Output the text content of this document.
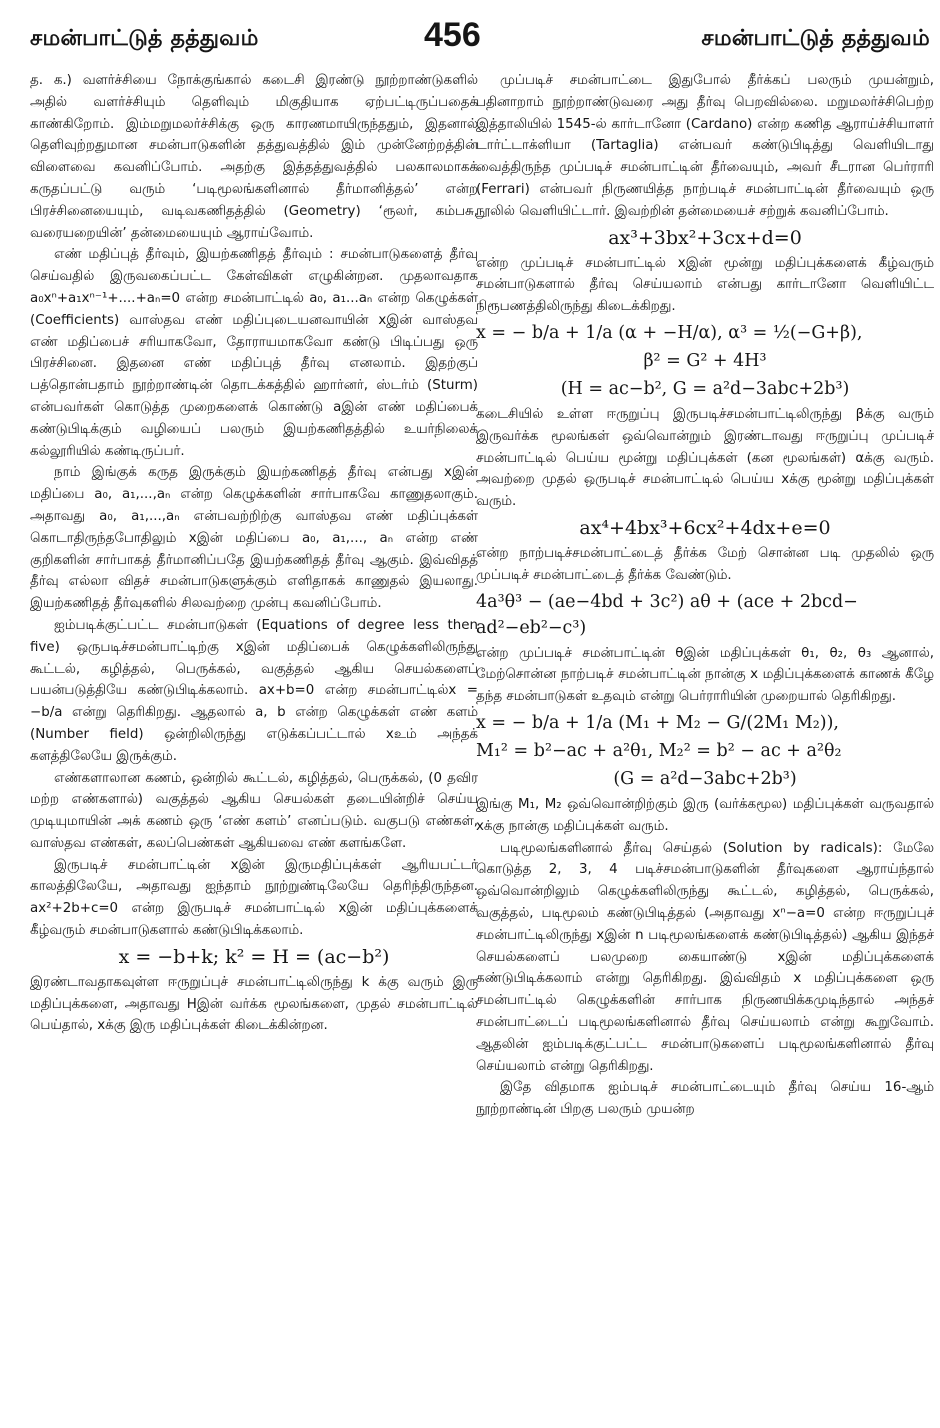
சமன்பாட்டுத் தத்துவம்	456	சமன்பாட்டுத் தத்துவம்

த. க.) வளர்ச்சியை நோக்குங்கால் கடைசி இரண்டு நூற்றாண்டுகளில் அதில் வளர்ச்சியும் தெளிவும் மிகுதியாக ஏற்பட்டிருப்பதைக் காண்கிறோம். இம்மறுமலர்ச்சிக்கு ஒரு காரணமாயிருந்ததும், இதனால் தெளிவுற்றதுமான சமன்பாடுகளின் தத்துவத்தில் இம் முன்னேற்றத்தின் விளைவை கவனிப்போம். அதற்கு இத்தத்துவத்தில் பலகாலமாகக் கருதப்பட்டு வரும் ‘படிமூலங்களினால் தீர்மானித்தல்’ என்ற பிரச்சினையையும், வடிவகணிதத்தில் (Geometry) ‘ரூலர், கம்பசு, வரையறையின்’ தன்மையையும் ஆராய்வோம்.

எண் மதிப்புத் தீர்வும், இயற்கணிதத் தீர்வும் : சமன்பாடுகளைத் தீர்வு செய்வதில் இருவகைப்பட்ட கேள்விகள் எழுகின்றன. முதலாவதாக a₀xⁿ+a₁xⁿ⁻¹+....+aₙ=0 என்ற சமன்பாட்டில் a₀, a₁...aₙ என்ற கெழுக்கள் (Coefficients) வாஸ்தவ எண் மதிப்புடையனவாயின் xஇன் வாஸ்தவ எண் மதிப்பைச் சரியாகவோ, தோராயமாகவோ கண்டு பிடிப்பது ஒரு பிரச்சினை. இதனை எண் மதிப்புத் தீர்வு எனலாம். இதற்குப் பத்தொன்பதாம் நூற்றாண்டின் தொடக்கத்தில் ஹார்னர், ஸ்டர்ம் (Sturm) என்பவர்கள் கொடுத்த முறைகளைக் கொண்டு aஇன் எண் மதிப்பைக் கண்டுபிடிக்கும் வழியைப் பலரும் இயற்கணிதத்தில் உயர்நிலைக் கல்லூரியில் கண்டிருப்பர்.

நாம் இங்குக் கருத இருக்கும் இயற்கணிதத் தீர்வு என்பது xஇன் மதிப்பை a₀, a₁,...,aₙ என்ற கெழுக்களின் சார்பாகவே காணுதலாகும். அதாவது a₀, a₁,...,aₙ என்பவற்றிற்கு வாஸ்தவ எண் மதிப்புக்கள் கொடாதிருந்தபோதிலும் xஇன் மதிப்பை a₀, a₁,..., aₙ என்ற எண் குறிகளின் சார்பாகத் தீர்மானிப்பதே இயற்கணிதத் தீர்வு ஆகும். இவ்விதத் தீர்வு எல்லா விதச் சமன்பாடுகளுக்கும் எளிதாகக் காணுதல் இயலாது. இயற்கணிதத் தீர்வுகளில் சிலவற்றை முன்பு கவனிப்போம்.

ஐம்படிக்குட்பட்ட சமன்பாடுகள் (Equations of degree less then five) ஒருபடிச்சமன்பாட்டிற்கு xஇன் மதிப்பைக் கெழுக்களிலிருந்து கூட்டல், கழித்தல், பெருக்கல், வகுத்தல் ஆகிய செயல்களைப் பயன்படுத்தியே கண்டுபிடிக்கலாம். ax+b=0 என்ற சமன்பாட்டில்x = −b/a என்று தெரிகிறது. ஆதலால் a, b என்ற கெழுக்கள் எண் களம் (Number field) ஒன்றிலிருந்து எடுக்கப்பட்டால் xஉம் அந்தக் களத்திலேயே இருக்கும்.

எண்களாலான கணம், ஒன்றில் கூட்டல், கழித்தல், பெருக்கல், (0 தவிர மற்ற எண்களால்) வகுத்தல் ஆகிய செயல்கள் தடையின்றிச் செய்ய முடியுமாயின் அக் கணம் ஒரு ‘எண் களம்’ எனப்படும். வகுபடு எண்கள், வாஸ்தவ எண்கள், கலப்பெண்கள் ஆகியவை எண் களங்களே.

இருபடிச் சமன்பாட்டின் xஇன் இருமதிப்புக்கள் ஆரியபட்டர் காலத்திலேயே, அதாவது ஐந்தாம் நூற்றுண்டிலேயே தெரிந்திருந்தன. ax²+2b+c=0 என்ற இருபடிச் சமன்பாட்டில் xஇன் மதிப்புக்களைக் கீழ்வரும் சமன்பாடுகளால் கண்டுபிடிக்கலாம்.

x = −b+k; k² = H = (ac−b²)

இரண்டாவதாகவுள்ள ஈருறுப்புச் சமன்பாட்டிலிருந்து k க்கு வரும் இரு மதிப்புக்களை, அதாவது Hஇன் வர்க்க மூலங்களை, முதல் சமன்பாட்டில் பெய்தால், xக்கு இரு மதிப்புக்கள் கிடைக்கின்றன.

முப்படிச் சமன்பாட்டை இதுபோல் தீர்க்கப் பலரும் முயன்றும், பதினாறாம் நூற்றாண்டுவரை அது தீர்வு பெறவில்லை. மறுமலர்ச்சிபெற்ற இத்தாலியில் 1545-ல் கார்டானோ (Cardano) என்ற கணித ஆராய்ச்சியாளர் டார்ட்டாக்ளியா (Tartaglia) என்பவர் கண்டுபிடித்து வெளியிடாது வைத்திருந்த முப்படிச் சமன்பாட்டின் தீர்வையும், அவர் சீடரான பெர்ராரி (Ferrari) என்பவர் நிருணயித்த நாற்படிச் சமன்பாட்டின் தீர்வையும் ஒரு நூலில் வெளியிட்டார். இவற்றின் தன்மையைச் சற்றுக் கவனிப்போம்.

ax³+3bx²+3cx+d=0

என்ற முப்படிச் சமன்பாட்டில் xஇன் மூன்று மதிப்புக்களைக் கீழ்வரும் சமன்பாடுகளால் தீர்வு செய்யலாம் என்பது கார்டானோ வெளியிட்ட நிரூபணத்திலிருந்து கிடைக்கிறது.

x = − b/a + 1/a (α + −H/α), α³ = ½(−G+β),
β² = G² + 4H³
(H = ac−b², G = a²d−3abc+2b³)

கடைசியில் உள்ள ஈருறுப்பு இருபடிச்சமன்பாட்டிலிருந்து βக்கு வரும் இருவர்க்க மூலங்கள் ஒவ்வொன்றும் இரண்டாவது ஈருறுப்பு முப்படிச் சமன்பாட்டில் பெய்ய மூன்று மதிப்புக்கள் (கன மூலங்கள்) αக்கு வரும். அவற்றை முதல் ஒருபடிச் சமன்பாட்டில் பெய்ய xக்கு மூன்று மதிப்புக்கள் வரும்.

ax⁴+4bx³+6cx²+4dx+e=0

என்ற நாற்படிச்சமன்பாட்டைத் தீர்க்க மேற் சொன்ன படி முதலில் ஒரு முப்படிச் சமன்பாட்டைத் தீர்க்க வேண்டும்.

4a³θ³ − (ae−4bd + 3c²) aθ + (ace + 2bcd− ad²−eb²−c³)

என்ற முப்படிச் சமன்பாட்டின் θஇன் மதிப்புக்கள் θ₁, θ₂, θ₃ ஆனால், மேற்சொன்ன நாற்படிச் சமன்பாட்டின் நான்கு x மதிப்புக்களைக் காணக் கீழே தந்த சமன்பாடுகள் உதவும் என்று பெர்ராரியின் முறையால் தெரிகிறது.

x = − b/a + 1/a (M₁ + M₂ − G/(2M₁ M₂)),
M₁² = b²−ac + a²θ₁, M₂² = b² − ac + a²θ₂
(G = a²d−3abc+2b³)

இங்கு M₁, M₂ ஒவ்வொன்றிற்கும் இரு (வர்க்கமூல) மதிப்புக்கள் வருவதால் xக்கு நான்கு மதிப்புக்கள் வரும்.

படிமூலங்களினால் தீர்வு செய்தல் (Solution by radicals): மேலே கொடுத்த 2, 3, 4 படிச்சமன்பாடுகளின் தீர்வுகளை ஆராய்ந்தால் ஒவ்வொன்றிலும் கெழுக்களிலிருந்து கூட்டல், கழித்தல், பெருக்கல், வகுத்தல், படிமூலம் கண்டுபிடித்தல் (அதாவது xⁿ−a=0 என்ற ஈருறுப்புச் சமன்பாட்டிலிருந்து xஇன் n படிமூலங்களைக் கண்டுபிடித்தல்) ஆகிய இந்தச் செயல்களைப் பலமுறை கையாண்டு xஇன் மதிப்புக்களைக் கண்டுபிடிக்கலாம் என்று தெரிகிறது. இவ்விதம் x மதிப்புக்களை ஒரு சமன்பாட்டில் கெழுக்களின் சார்பாக நிருணயிக்கமுடிந்தால் அந்தச் சமன்பாட்டைப் படிமூலங்களினால் தீர்வு செய்யலாம் என்று கூறுவோம். ஆதலின் ஐம்படிக்குட்பட்ட சமன்பாடுகளைப் படிமூலங்களினால் தீர்வு செய்யலாம் என்று தெரிகிறது.

இதே விதமாக ஐம்படிச் சமன்பாட்டையும் தீர்வு செய்ய 16-ஆம் நூற்றாண்டின் பிறகு பலரும் முயன்ற
